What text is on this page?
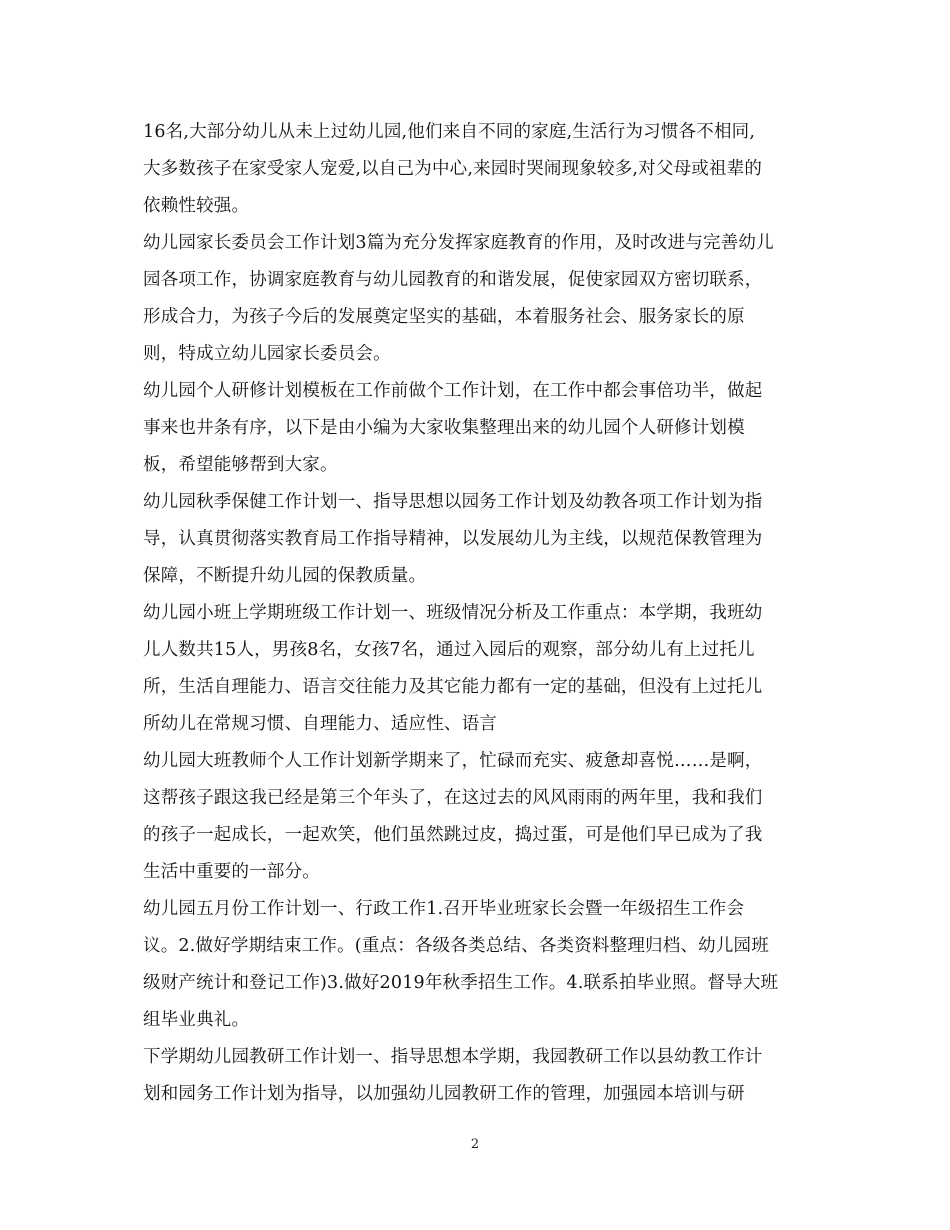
16名,大部分幼儿从未上过幼儿园,他们来自不同的家庭,生活行为习惯各不相同,
大多数孩子在家受家人宠爱,以自己为中心,来园时哭闹现象较多,对父母或祖辈的
依赖性较强。

幼儿园家长委员会工作计划3篇为充分发挥家庭教育的作用，及时改进与完善幼儿
园各项工作，协调家庭教育与幼儿园教育的和谐发展，促使家园双方密切联系，
形成合力，为孩子今后的发展奠定坚实的基础，本着服务社会、服务家长的原
则，特成立幼儿园家长委员会。

幼儿园个人研修计划模板在工作前做个工作计划，在工作中都会事倍功半，做起
事来也井条有序，以下是由小编为大家收集整理出来的幼儿园个人研修计划模
板，希望能够帮到大家。

幼儿园秋季保健工作计划一、指导思想以园务工作计划及幼教各项工作计划为指
导，认真贯彻落实教育局工作指导精神，以发展幼儿为主线，以规范保教管理为
保障，不断提升幼儿园的保教质量。

幼儿园小班上学期班级工作计划一、班级情况分析及工作重点：本学期，我班幼
儿人数共15人，男孩8名，女孩7名，通过入园后的观察，部分幼儿有上过托儿
所，生活自理能力、语言交往能力及其它能力都有一定的基础，但没有上过托儿
所幼儿在常规习惯、自理能力、适应性、语言

幼儿园大班教师个人工作计划新学期来了，忙碌而充实、疲惫却喜悦……是啊，
这帮孩子跟这我已经是第三个年头了，在这过去的风风雨雨的两年里，我和我们
的孩子一起成长，一起欢笑，他们虽然跳过皮，捣过蛋，可是他们早已成为了我
生活中重要的一部分。

幼儿园五月份工作计划一、行政工作1.召开毕业班家长会暨一年级招生工作会
议。2.做好学期结束工作。(重点：各级各类总结、各类资料整理归档、幼儿园班
级财产统计和登记工作)3.做好2019年秋季招生工作。4.联系拍毕业照。督导大班
组毕业典礼。

下学期幼儿园教研工作计划一、指导思想本学期，我园教研工作以县幼教工作计
划和园务工作计划为指导，以加强幼儿园教研工作的管理，加强园本培训与研

2
